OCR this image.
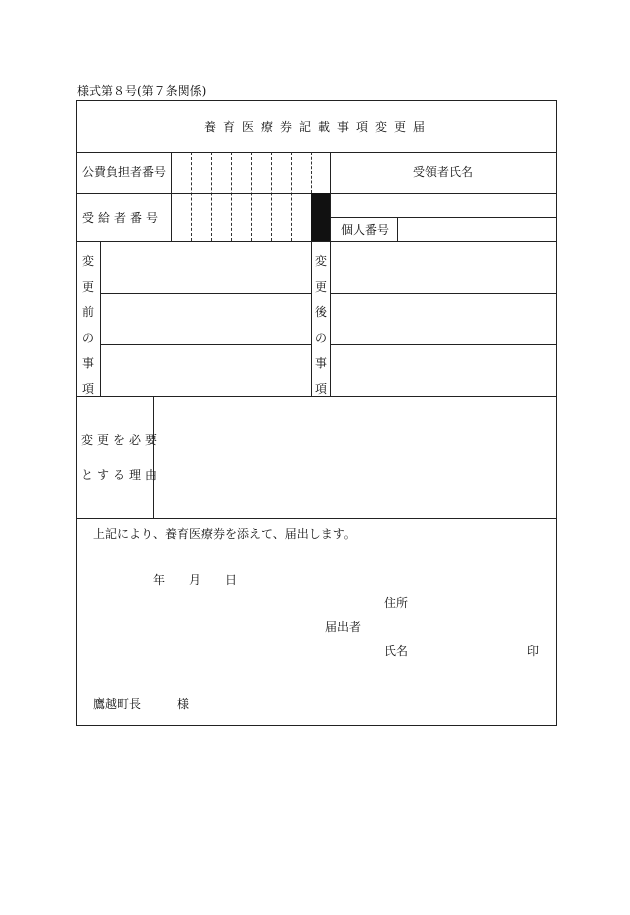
様式第８号(第７条関係)
養育医療券記載事項変更届
公費負担者番号	受領者氏名
受給者番号
個人番号
変
更
前
の
事
項
変
更
後
の
事
項
変更を必要
とする理由
上記により、養育医療券を添えて、届出します。
年 月 日
住所
届出者
氏名	印
鷹越町長	様
